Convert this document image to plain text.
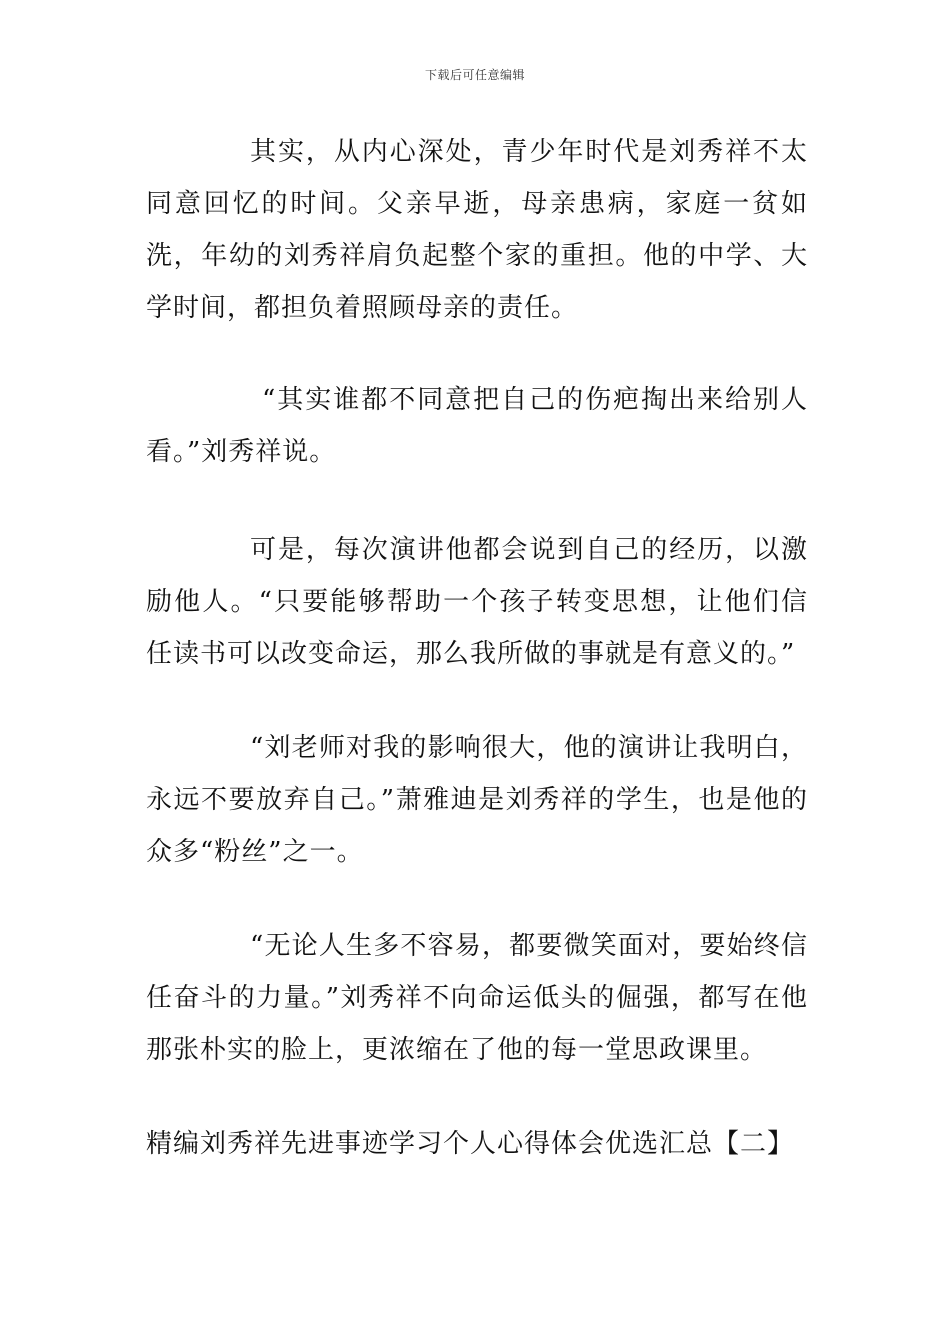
下载后可任意编辑

其实，从内心深处，青少年时代是刘秀祥不太同意回忆的时间。父亲早逝，母亲患病，家庭一贫如洗，年幼的刘秀祥肩负起整个家的重担。他的中学、大学时间，都担负着照顾母亲的责任。

“其实谁都不同意把自己的伤疤掏出来给别人看。”刘秀祥说。

可是，每次演讲他都会说到自己的经历，以激励他人。“只要能够帮助一个孩子转变思想，让他们信任读书可以改变命运，那么我所做的事就是有意义的。”

“刘老师对我的影响很大，他的演讲让我明白，永远不要放弃自己。”萧雅迪是刘秀祥的学生，也是他的众多“粉丝”之一。

“无论人生多不容易，都要微笑面对，要始终信任奋斗的力量。”刘秀祥不向命运低头的倔强，都写在他那张朴实的脸上，更浓缩在了他的每一堂思政课里。

精编刘秀祥先进事迹学习个人心得体会优选汇总【二】
